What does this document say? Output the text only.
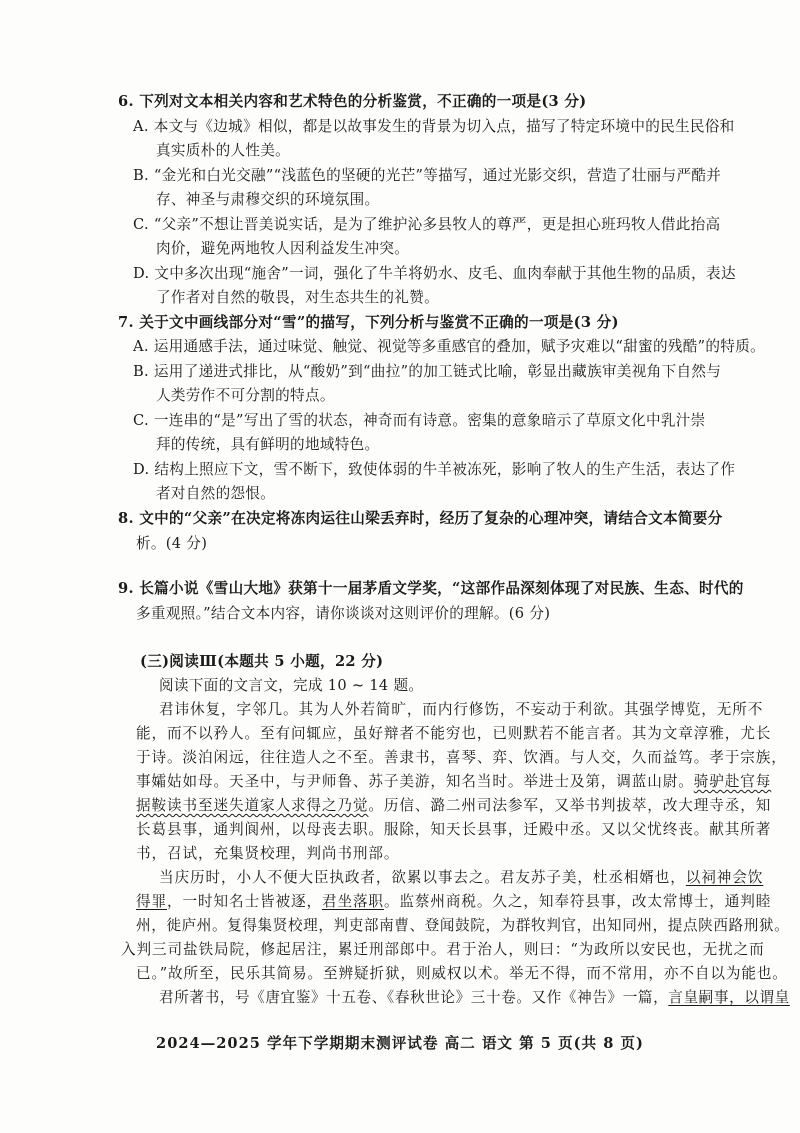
6. 下列对文本相关内容和艺术特色的分析鉴赏，不正确的一项是(3 分)
A. 本文与《边城》相似，都是以故事发生的背景为切入点，描写了特定环境中的民生民俗和
真实质朴的人性美。
B. “金光和白光交融”“浅蓝色的坚硬的光芒”等描写，通过光影交织，营造了壮丽与严酷并
存、神圣与肃穆交织的环境氛围。
C. “父亲”不想让晋美说实话，是为了维护沁多县牧人的尊严，更是担心班玛牧人借此抬高
肉价，避免两地牧人因利益发生冲突。
D. 文中多次出现“施舍”一词，强化了牛羊将奶水、皮毛、血肉奉献于其他生物的品质，表达
了作者对自然的敬畏，对生态共生的礼赞。
7. 关于文中画线部分对“雪”的描写，下列分析与鉴赏不正确的一项是(3 分)
A. 运用通感手法，通过味觉、触觉、视觉等多重感官的叠加，赋予灾难以“甜蜜的残酷”的特质。
B. 运用了递进式排比，从“酸奶”到“曲拉”的加工链式比喻，彰显出藏族审美视角下自然与
人类劳作不可分割的特点。
C. 一连串的“是”写出了雪的状态，神奇而有诗意。密集的意象暗示了草原文化中乳汁崇
拜的传统，具有鲜明的地域特色。
D. 结构上照应下文，雪不断下，致使体弱的牛羊被冻死，影响了牧人的生产生活，表达了作
者对自然的怨恨。
8. 文中的“父亲”在决定将冻肉运往山梁丢弃时，经历了复杂的心理冲突，请结合文本简要分
析。(4 分)
9. 长篇小说《雪山大地》获第十一届茅盾文学奖，“这部作品深刻体现了对民族、生态、时代的
多重观照。”结合文本内容，请你谈谈对这则评价的理解。(6 分)
(三)阅读Ⅲ(本题共 5 小题，22 分)
阅读下面的文言文，完成 10 ~ 14 题。
君讳休复，字邻几。其为人外若简旷，而内行修饬，不妄动于利欲。其强学博览，无所不
能，而不以矜人。至有问辄应，虽好辩者不能穷也，已则默若不能言者。其为文章淳雅，尤长
于诗。淡泊闲远，往往造人之不至。善隶书，喜琴、弈、饮酒。与人交，久而益笃。孝于宗族，
事孀姑如母。天圣中，与尹师鲁、苏子美游，知名当时。举进士及第，调蓝山尉。骑驴赴官每
据鞍读书至迷失道家人求得之乃觉。历信、潞二州司法参军，又举书判拔萃，改大理寺丞，知
长葛县事，通判阆州，以母丧去职。服除，知天长县事，迁殿中丞。又以父忧终丧。献其所著
书，召试，充集贤校理，判尚书刑部。
当庆历时，小人不便大臣执政者，欲累以事去之。君友苏子美，杜丞相婿也，以祠神会饮
得罪，一时知名士皆被逐，君坐落职。监蔡州商税。久之，知奉符县事，改太常博士，通判睦
州，徙庐州。复得集贤校理，判吏部南曹、登闻鼓院，为群牧判官，出知同州，提点陕西路刑狱。
入判三司盐铁局院，修起居注，累迁刑部郎中。君于治人，则曰：“为政所以安民也，无扰之而
已。”故所至，民乐其简易。至辨疑折狱，则威权以术。举无不得，而不常用，亦不自以为能也。
君所著书，号《唐宜鉴》十五卷、《春秋世论》三十卷。又作《神告》一篇，言皇嗣事，以谓皇
2024—2025 学年下学期期末测评试卷 高二 语文 第 5 页(共 8 页)
